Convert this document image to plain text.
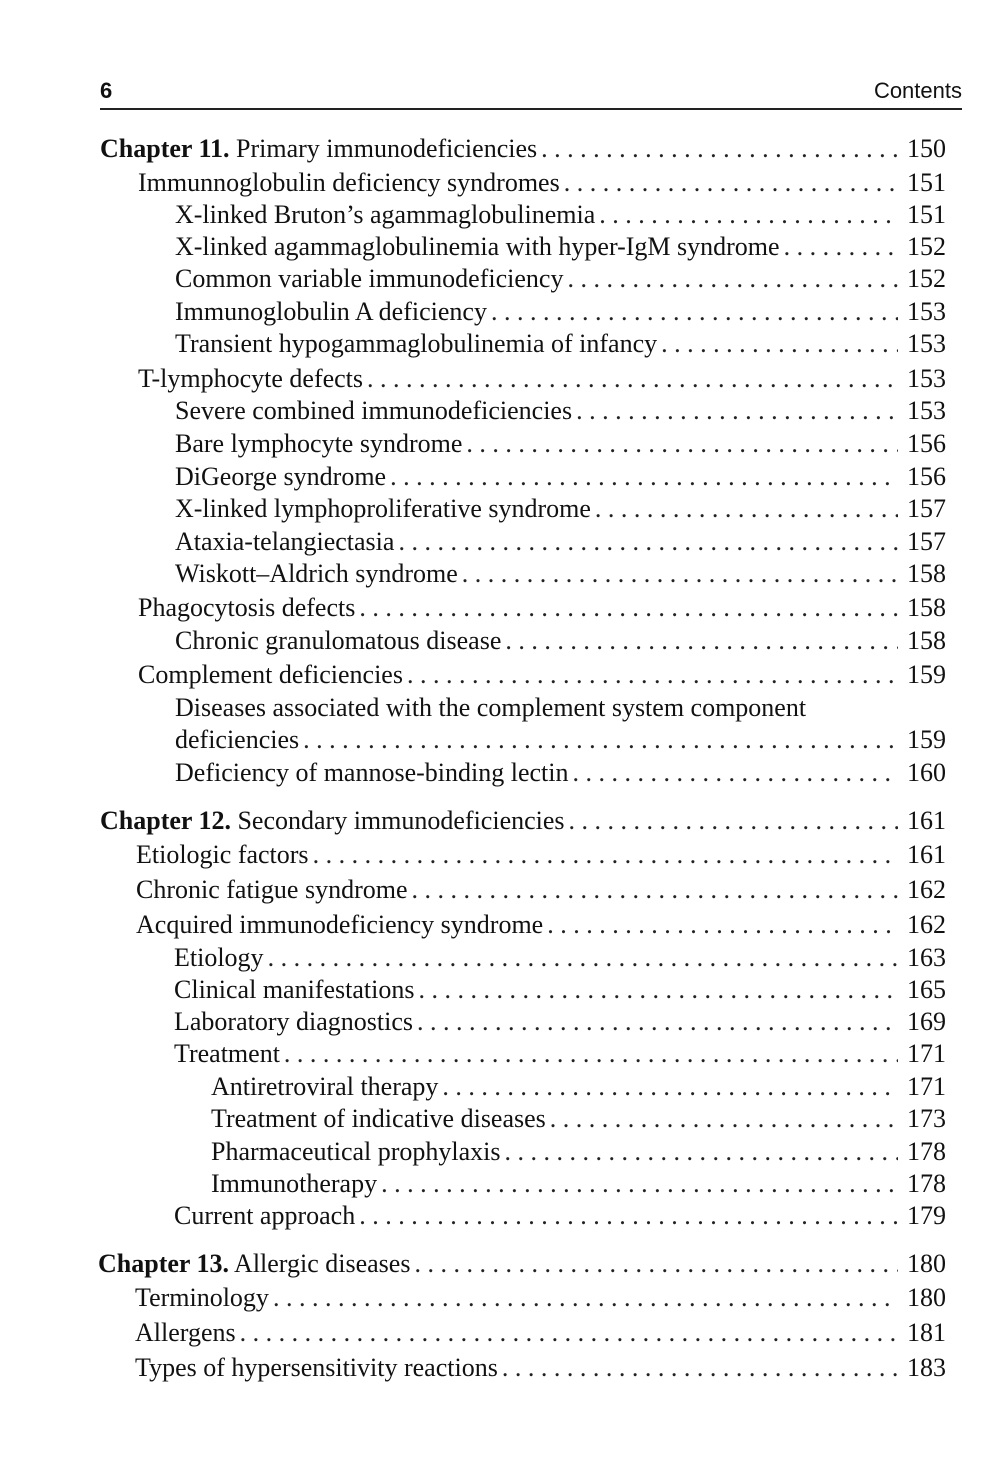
6	Contents
Chapter 11. Primary immunodeficiencies . . .	150
Immunnoglobulin deficiency syndromes . . .	151
X-linked Bruton’s agammaglobulinemia . . .	151
X-linked agammaglobulinemia with hyper-IgM syndrome . . .	152
Common variable immunodeficiency . . .	152
Immunoglobulin A deficiency . . .	153
Transient hypogammaglobulinemia of infancy . . .	153
T-lymphocyte defects . . .	153
Severe combined immunodeficiencies . . .	153
Bare lymphocyte syndrome . . .	156
DiGeorge syndrome . . .	156
X-linked lymphoproliferative syndrome . . .	157
Ataxia-telangiectasia . . .	157
Wiskott–Aldrich syndrome . . .	158
Phagocytosis defects . . .	158
Chronic granulomatous disease . . .	158
Complement deficiencies . . .	159
Diseases associated with the complement system component
deficiencies . . .	159
Deficiency of mannose-binding lectin . . .	160
Chapter 12. Secondary immunodeficiencies . . .	161
Etiologic factors . . .	161
Chronic fatigue syndrome . . .	162
Acquired immunodeficiency syndrome . . .	162
Etiology . . .	163
Clinical manifestations . . .	165
Laboratory diagnostics . . .	169
Treatment . . .	171
Antiretroviral therapy . . .	171
Treatment of indicative diseases . . .	173
Pharmaceutical prophylaxis . . .	178
Immunotherapy . . .	178
Current approach . . .	179
Chapter 13. Allergic diseases . . .	180
Terminology . . .	180
Allergens . . .	181
Types of hypersensitivity reactions . . .	183
